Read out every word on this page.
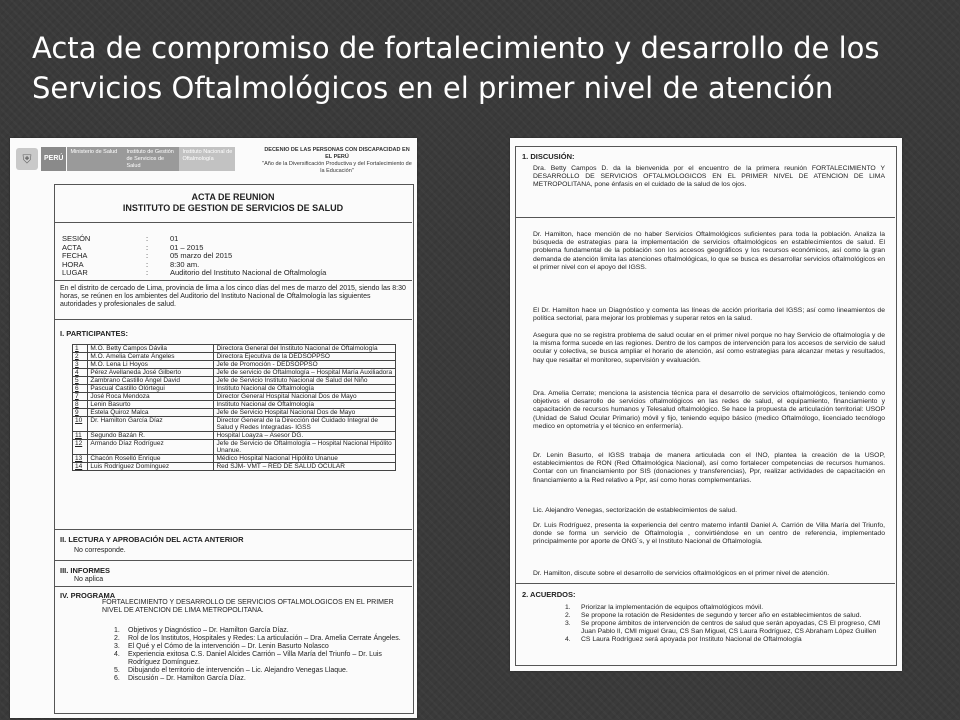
Acta de compromiso de fortalecimiento y desarrollo de los Servicios Oftalmológicos en el primer nivel de atención
⛨	PERÚ
Ministerio de Salud	Instituto de Gestión de Servicios de Salud
Instituto Nacional de Oftalmología
DECENIO DE LAS PERSONAS CON DISCAPACIDAD EN EL PERÚ
"Año de la Diversificación Productiva y del Fortalecimiento de la Educación"
ACTA DE REUNION
INSTITUTO DE GESTION DE SERVICIOS DE SALUD
SESIÓN	:	01
ACTA	:	01 – 2015
FECHA	:	05 marzo del 2015
HORA	:	8:30 am.
LUGAR	:	Auditorio del Instituto Nacional de Oftalmología
En el distrito de cercado de Lima, provincia de lima a los cinco días del mes de marzo del 2015, siendo las 8:30 horas, se reúnen en los ambientes del Auditorio del Instituto Nacional de Oftalmología las siguientes autoridades y profesionales de salud.
I. PARTICIPANTES:
1	M.O. Betty Campos Dávila	Directora General del Instituto Nacional de Oftalmología
2	M.O. Amelia Cerrate Ángeles	Directora Ejecutiva de la DEDSOPPSO
3	M.O. Lena Li Hoyos	Jefe de Promoción - DEDSOPPSO
4	Pérez Avellaneda José Gilberto	Jefe de servicio de Oftalmología – Hospital María Auxiliadora
5	Zambrano Castillo Ángel David	Jefe de Servicio Instituto Nacional de Salud del Niño
6	Pascual Castillo Olórtegui	Instituto Nacional de Oftalmología
7	José Roca Mendoza	Director General Hospital Nacional Dos de Mayo
8	Lenin Basurto	Instituto Nacional de Oftalmología
9	Estela Quiroz Malca	Jefe de Servicio Hospital Nacional Dos de Mayo
10	Dr. Hamilton García Díaz	Director General de la Dirección del Cuidado Integral de Salud y Redes Integradas- IGSS
11	Segundo Bazán R.	Hospital Loayza – Asesor DG.
12	Armando Díaz Rodríguez	Jefe de Servicio de Oftalmología – Hospital Nacional Hipólito Unanue.
13	Chacón Roselló Enrique	Médico Hospital Nacional Hipólito Unanue
14	Luis Rodríguez Domínguez	Red SJM- VMT – RED DE SALUD OCULAR
II. LECTURA Y APROBACIÓN DEL ACTA ANTERIOR
No corresponde.
III. INFORMES
No aplica
IV. PROGRAMA
FORTALECIMIENTO Y DESARROLLO DE SERVICIOS OFTALMOLOGICOS EN EL PRIMER NIVEL DE ATENCION DE LIMA METROPOLITANA.
1.	Objetivos y Diagnóstico – Dr. Hamilton García Díaz.
2.	Rol de los Institutos, Hospitales y Redes: La articulación – Dra. Amelia Cerrate Ángeles.
3.	El Qué y el Cómo de la intervención – Dr. Lenin Basurto Nolasco
4.	Experiencia exitosa C.S. Daniel Alcides Carrión – Villa María del Triunfo – Dr. Luis Rodríguez Domínguez.
5.	Dibujando el territorio de intervención – Lic. Alejandro Venegas Llaque.
6.	Discusión – Dr. Hamilton García Díaz.
1. DISCUSIÓN:
Dra. Betty Campos D. da la bienvenida por el encuentro de la primera reunión FORTALECIMIENTO Y DESARROLLO DE SERVICIOS OFTALMOLOGICOS EN EL PRIMER NIVEL DE ATENCION DE LIMA METROPOLITANA, pone énfasis en el cuidado de la salud de los ojos.
Dr. Hamilton, hace mención de no haber Servicios Oftalmológicos suficientes para toda la población. Analiza la búsqueda de estrategias para la implementación de servicios oftalmológicos en establecimientos de salud. El problema fundamental de la población son los accesos geográficos y los recursos económicos, así como la gran demanda de atención limita las atenciones oftalmológicas, lo que se busca es desarrollar servicios oftalmológicos en el primer nivel con el apoyo del IGSS.
El Dr. Hamilton hace un Diagnóstico y comenta las líneas de acción prioritaria del IGSS; así como lineamientos de política sectorial, para mejorar los problemas y superar retos en la salud.
Asegura que no se registra problema de salud ocular en el primer nivel porque no hay Servicio de oftalmología y de la misma forma sucede en las regiones. Dentro de los campos de intervención para los accesos de servicio de salud ocular y colectiva, se busca ampliar el horario de atención, así como estrategias para alcanzar metas y resultados, hay que resaltar el monitoreo, supervisión y evaluación.
Dra. Amelia Cerrate; menciona la asistencia técnica para el desarrollo de servicios oftalmológicos, teniendo como objetivos el desarrollo de servicios oftalmológicos en las redes de salud, el equipamiento, financiamiento y capacitación de recursos humanos y Telesalud oftalmológico. Se hace la propuesta de articulación territorial: USOP (Unidad de Salud Ocular Primario) móvil y fijo, teniendo equipo básico (medico Oftalmólogo, licenciado tecnólogo medico en optometría y el técnico en enfermería).
Dr. Lenin Basurto, el IGSS trabaja de manera articulada con el INO, plantea la creación de la USOP, establecimientos de RON (Red Oftalmológica Nacional), así como fortalecer competencias de recursos humanos. Contar con un financiamiento por SIS (donaciones y transferencias), Ppr, realizar actividades de capacitación en financiamiento a la Red relativo a Ppr, así como horas complementarias.
Lic. Alejandro Venegas, sectorización de establecimientos de salud.
Dr. Luis Rodríguez, presenta la experiencia del centro materno infantil Daniel A. Carrión de Villa María del Triunfo, donde se forma un servicio de Oftalmología , convirtiéndose en un centro de referencia, implementado principalmente por aporte de ONG´s, y el Instituto Nacional de Oftalmología.
Dr. Hamilton, discute sobre el desarrollo de servicios oftalmológicos en el primer nivel de atención.
2. ACUERDOS:
1.	Priorizar la implementación de equipos oftalmológicos móvil.
2.	Se propone la rotación de Residentes de segundo y tercer año en establecimientos de salud.
3.	Se propone ámbitos de intervención de centros de salud que serán apoyadas, CS El progreso, CMI Juan Pablo II, CMI miguel Grau, CS San Miguel, CS Laura Rodríguez, CS Abraham López Guillen
4.	CS Laura Rodríguez será apoyada por Instituto Nacional de Oftalmología
